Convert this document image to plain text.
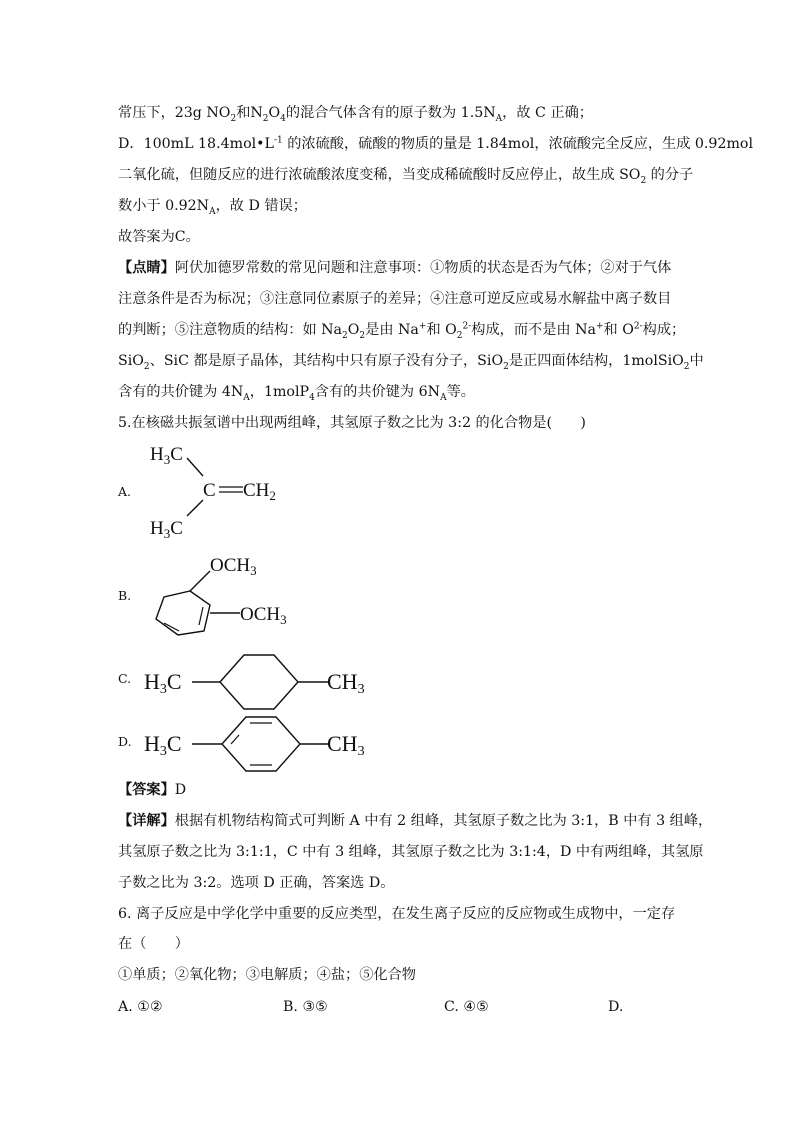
常压下，23g $NO_2$和$N_2O_4$的混合气体含有的原子数为 $1.5N_A$，故 C 正确；
D．100mL $18.4mol•L^{-1}$ 的浓硫酸，硫酸的物质的量是 1.84mol，浓硫酸完全反应，生成 0.92mol
二氧化硫，但随反应的进行浓硫酸浓度变稀，当变成稀硫酸时反应停止，故生成 $SO_2$ 的分子
数小于 $0.92N_A$，故 D 错误；
故答案为C。
【点睛】阿伏加德罗常数的常见问题和注意事项：①物质的状态是否为气体；②对于气体
注意条件是否为标况；③注意同位素原子的差异；④注意可逆反应或易水解盐中离子数目
的判断；⑤注意物质的结构：如 $Na_2O_2$是由 Na+和 $O_2^{2-}$构成，而不是由 Na+和 $O^{2-}$构成；
SiO$_2$、SiC 都是原子晶体，其结构中只有原子没有分子，SiO$_2$是正四面体结构，1molSiO$_2$中
含有的共价键为 $4N_A$，1molP$_4$含有的共价键为 $6N_A$等。
5.在核磁共振氢谱中出现两组峰，其氢原子数之比为 3:2 的化合物是(　　)
A.
$H_3C$
C $CH_2$
$H_3C$
B.
$OCH_3$
$OCH_3$
C. H3C	CH3
D. H3C	CH3
【答案】D
【详解】根据有机物结构简式可判断 A 中有 2 组峰，其氢原子数之比为 3:1，B 中有 3 组峰，
其氢原子数之比为 3:1:1，C 中有 3 组峰，其氢原子数之比为 3:1:4，D 中有两组峰，其氢原
子数之比为 3:2。选项 D 正确，答案选 D。
6. 离子反应是中学化学中重要的反应类型，在发生离子反应的反应物或生成物中，一定存
在（　　）
①单质；②氧化物；③电解质；④盐；⑤化合物
A. ①②	B. ③⑤	C. ④⑤	D.
